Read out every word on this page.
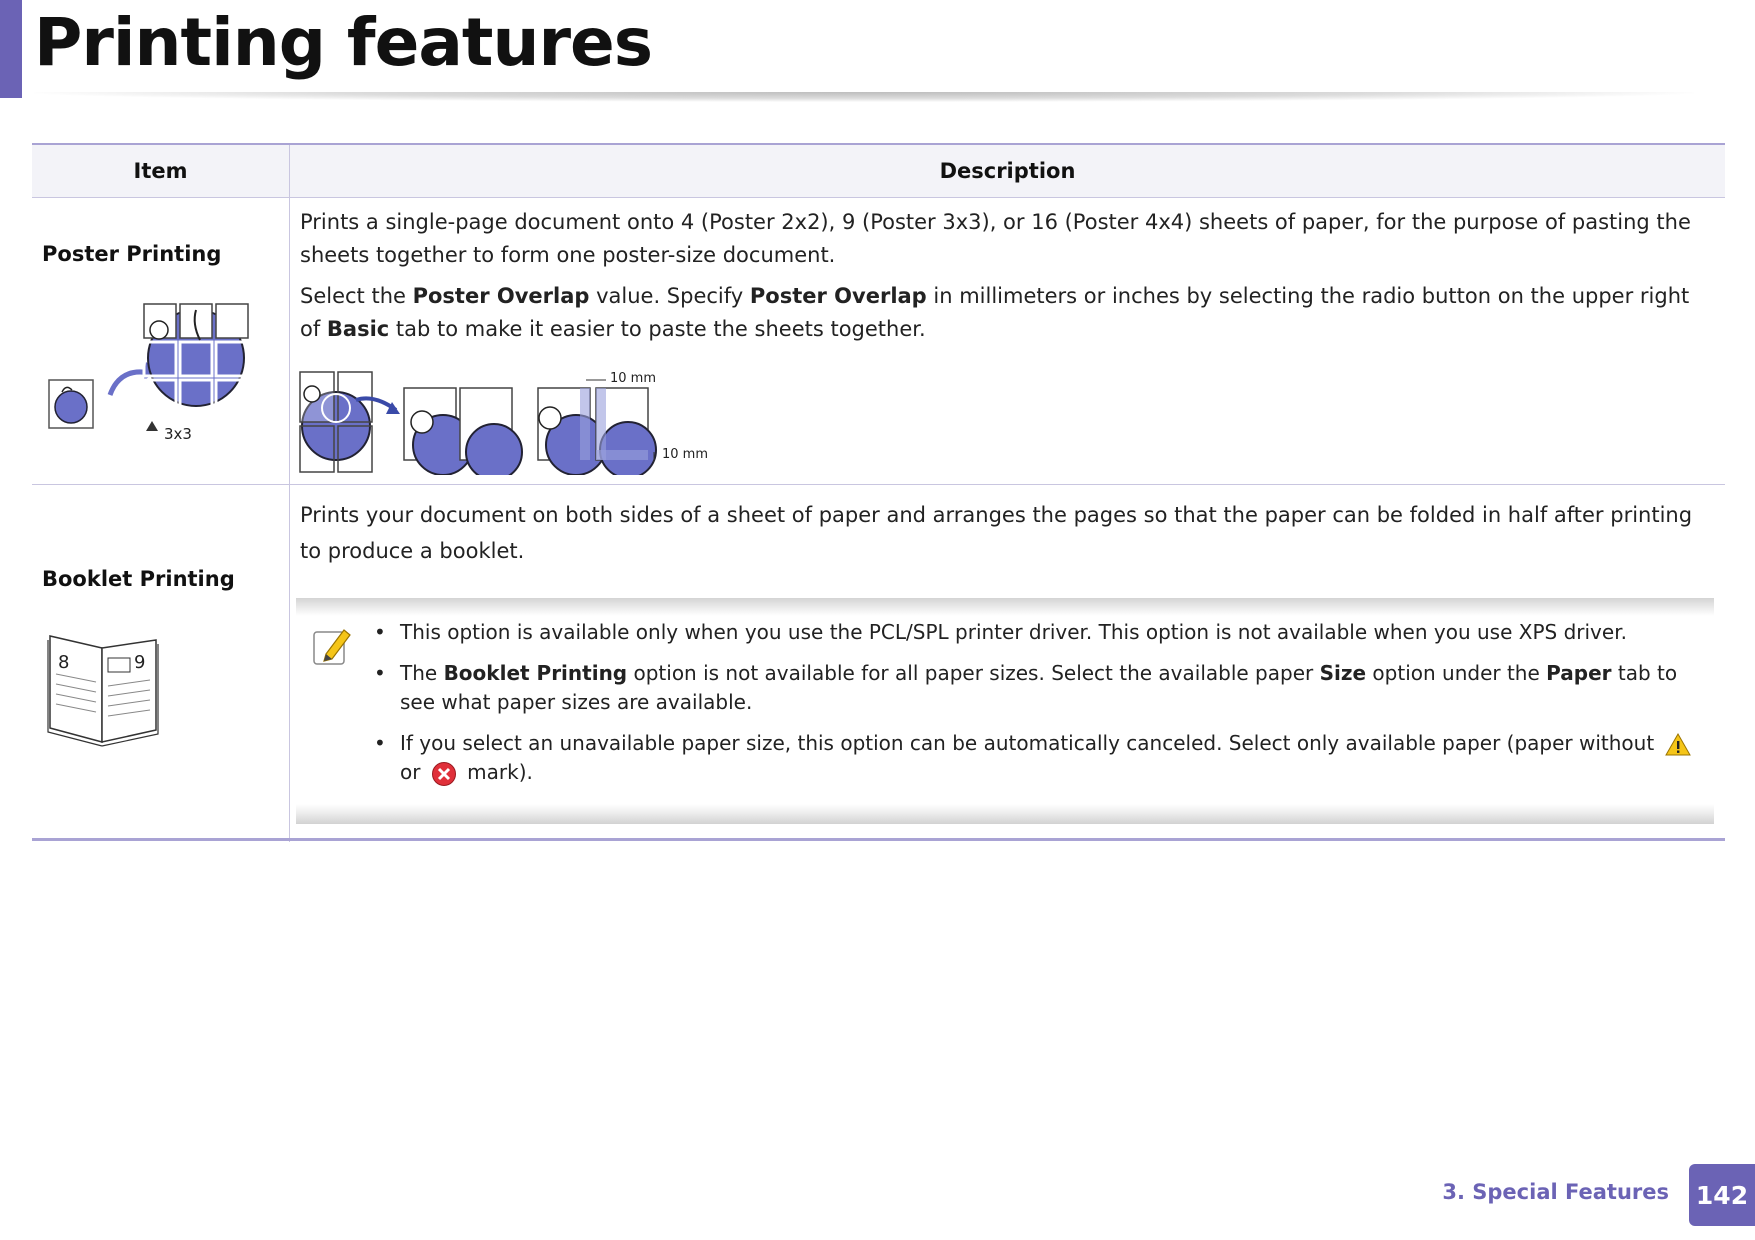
Printing features
Item	Description

Poster Printing	Prints a single-page document onto 4 (Poster 2x2), 9 (Poster 3x3), or 16 (Poster 4x4) sheets of paper, for the purpose of pasting the sheets together to form one poster-size document.

Select the Poster Overlap value. Specify Poster Overlap in millimeters or inches by selecting the radio button on the upper right of Basic tab to make it easier to paste the sheets together.

Booklet Printing	Prints your document on both sides of a sheet of paper and arranges the pages so that the paper can be folded in half after printing to produce a booklet.

3x3
10 mm
10 mm
8	9
• This option is available only when you use the PCL/SPL printer driver. This option is not available when you use XPS driver.
• The Booklet Printing option is not available for all paper sizes. Select the available paper Size option under the Paper tab to see what paper sizes are available.
• If you select an unavailable paper size, this option can be automatically canceled. Select only available paper (paper without  or  mark).
3. Special Features 142
